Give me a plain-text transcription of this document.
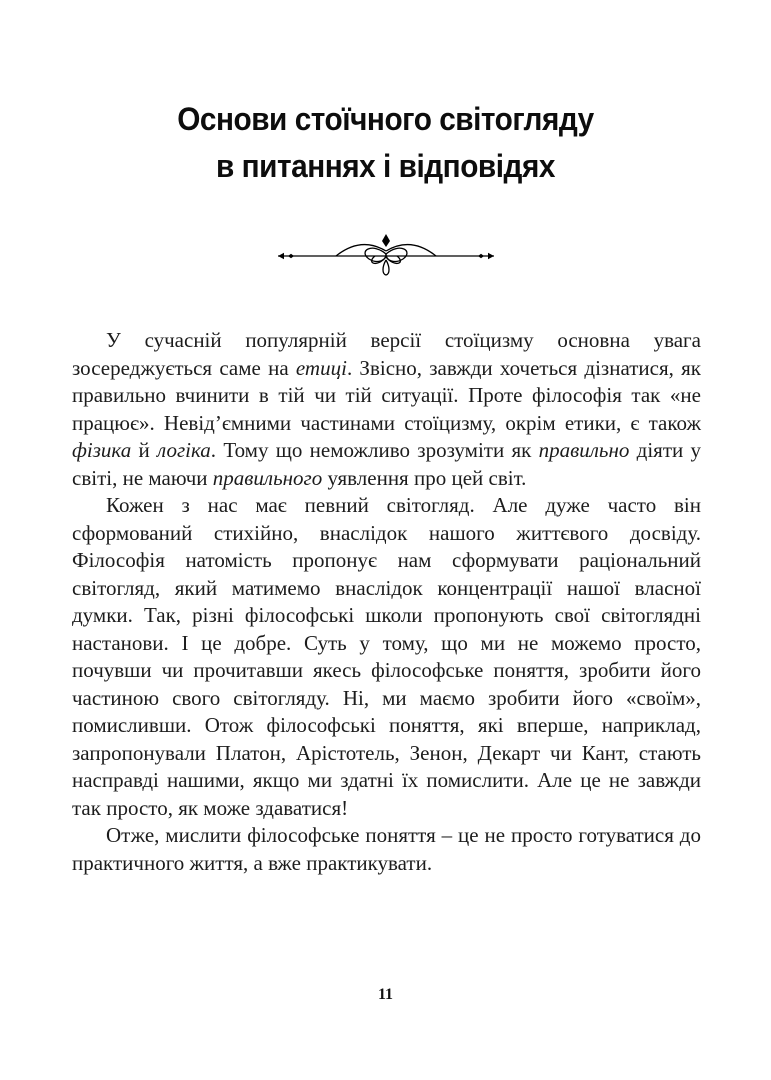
Основи стоїчного світогляду
в питаннях і відповідях

У сучасній популярній версії стоїцизму основна увага зосереджується саме на етиці. Звісно, завжди хочеться дізнатися, як правильно вчинити в тій чи тій ситуації. Проте філософія так «не працює». Невід’ємними частинами стоїцизму, окрім етики, є також фізика й логіка. Тому що неможливо зрозуміти як правильно діяти у світі, не маючи правильного уявлення про цей світ.

Кожен з нас має певний світогляд. Але дуже часто він сформований стихійно, внаслідок нашого життєвого досвіду. Філософія натомість пропонує нам сформувати раціональний світогляд, який матимемо внаслідок концентрації нашої власної думки. Так, різні філософські школи пропонують свої світоглядні настанови. І це добре. Суть у тому, що ми не можемо просто, почувши чи прочитавши якесь філософське поняття, зробити його частиною свого світогляду. Ні, ми маємо зробити його «своїм», помисливши. Отож філософські поняття, які вперше, наприклад, запропонували Платон, Арістотель, Зенон, Декарт чи Кант, стають насправді нашими, якщо ми здатні їх помислити. Але це не завжди так просто, як може здаватися!

Отже, мислити філософське поняття – це не просто готуватися до практичного життя, а вже практикувати.

11
